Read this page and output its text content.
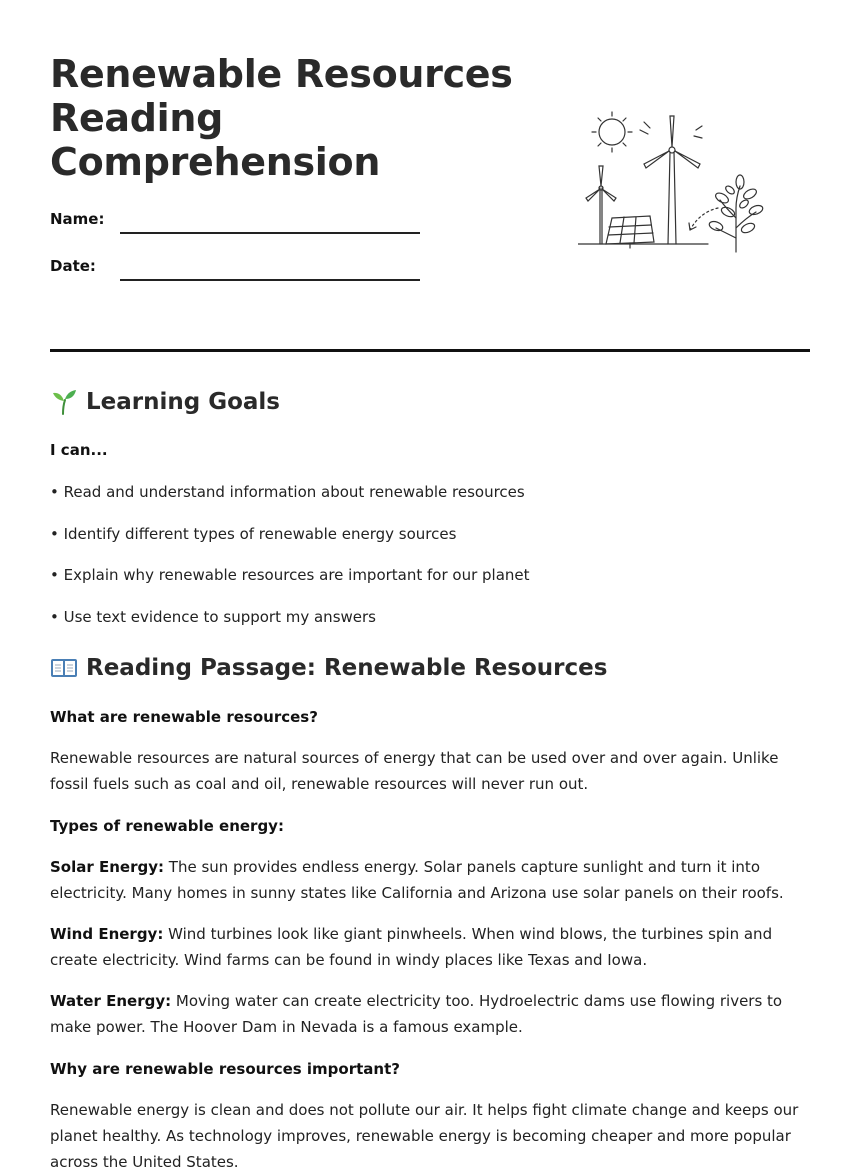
Renewable Resources
Reading
Comprehension
Name:
Date:
Learning Goals

I can...

• Read and understand information about renewable resources

• Identify different types of renewable energy sources

• Explain why renewable resources are important for our planet

• Use text evidence to support my answers

Reading Passage: Renewable Resources

What are renewable resources?

Renewable resources are natural sources of energy that can be used over and over again. Unlike fossil fuels such as coal and oil, renewable resources will never run out.

Types of renewable energy:

Solar Energy: The sun provides endless energy. Solar panels capture sunlight and turn it into electricity. Many homes in sunny states like California and Arizona use solar panels on their roofs.

Wind Energy: Wind turbines look like giant pinwheels. When wind blows, the turbines spin and create electricity. Wind farms can be found in windy places like Texas and Iowa.

Water Energy: Moving water can create electricity too. Hydroelectric dams use flowing rivers to make power. The Hoover Dam in Nevada is a famous example.

Why are renewable resources important?

Renewable energy is clean and does not pollute our air. It helps fight climate change and keeps our planet healthy. As technology improves, renewable energy is becoming cheaper and more popular across the United States.
